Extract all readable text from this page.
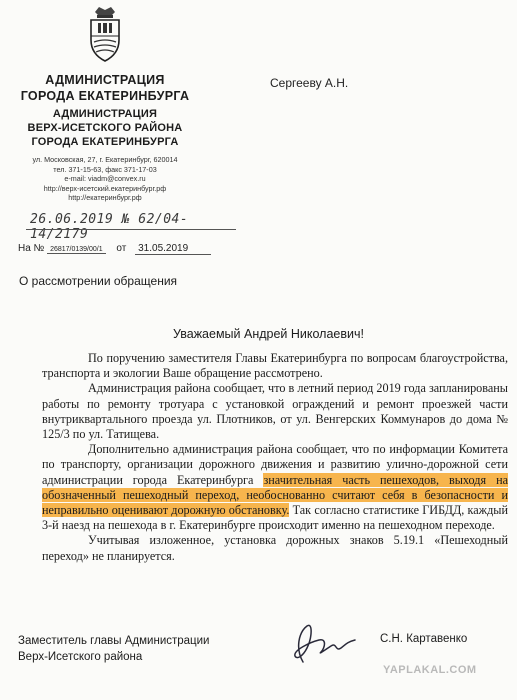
АДМИНИСТРАЦИЯ
ГОРОДА ЕКАТЕРИНБУРГА
АДМИНИСТРАЦИЯ
ВЕРХ-ИСЕТСКОГО РАЙОНА
ГОРОДА ЕКАТЕРИНБУРГА
ул. Московская, 27, г. Екатеринбург, 620014
тел. 371-15-63, факс 371-17-03
e-mail: viadm@convex.ru
http://верх-исетский.екатеринбург.рф
http://екатеринбург.рф
Сергееву А.Н.
26.06.2019 № 62/04-14/2179
На № 26817/0139/00/1 от 31.05.2019
О рассмотрении обращения
Уважаемый Андрей Николаевич!

По поручению заместителя Главы Екатеринбурга по вопросам благоустройства, транспорта и экологии Ваше обращение рассмотрено.

Администрация района сообщает, что в летний период 2019 года запланированы работы по ремонту тротуара с установкой ограждений и ремонт проезжей части внутриквартального проезда ул. Плотников, от ул. Венгерских Коммунаров до дома № 125/3 по ул. Татищева.

Дополнительно администрация района сообщает, что по информации Комитета по транспорту, организации дорожного движения и развитию улично-дорожной сети администрации города Екатеринбурга значительная часть пешеходов, выходя на обозначенный пешеходный переход, необоснованно считают себя в безопасности и неправильно оценивают дорожную обстановку. Так согласно статистике ГИБДД, каждый 3-й наезд на пешехода в г. Екатеринбурге происходит именно на пешеходном переходе.

Учитывая изложенное, установка дорожных знаков 5.19.1 «Пешеходный переход» не планируется.

Заместитель главы Администрации
Верх-Исетского района
С.Н. Картавенко
YAPLAKAL.COM
